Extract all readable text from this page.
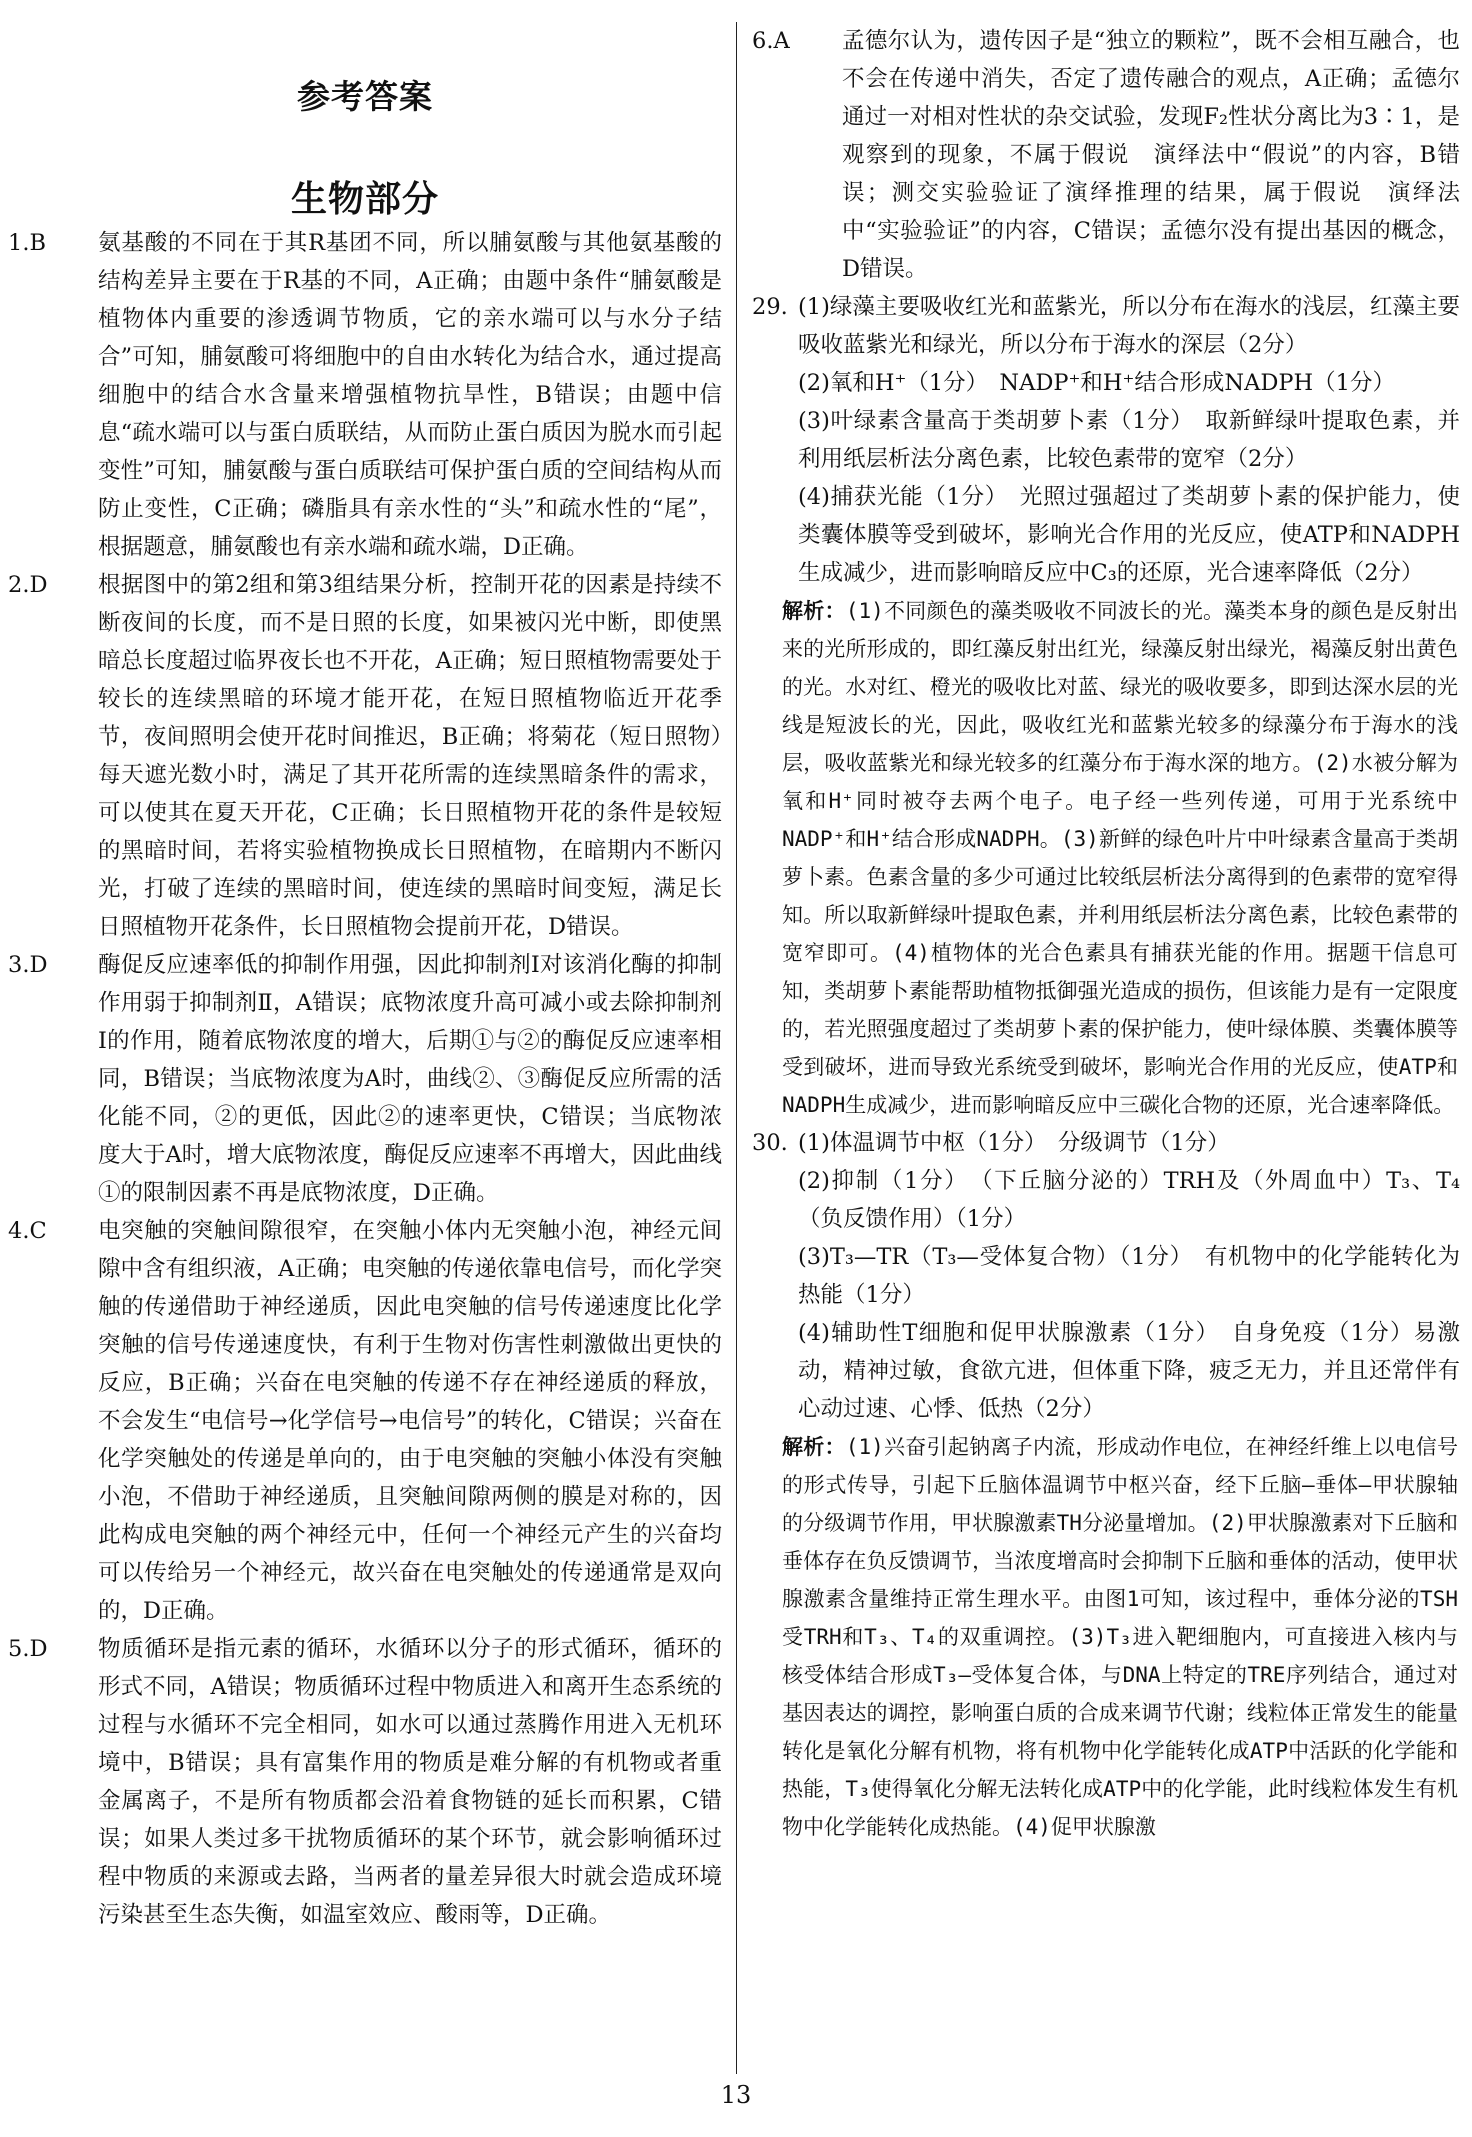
参考答案
生物部分
1.B	氨基酸的不同在于其R基团不同，所以脯氨酸与其他氨基酸的结构差异主要在于R基的不同，A正确；由题中条件“脯氨酸是植物体内重要的渗透调节物质，它的亲水端可以与水分子结合”可知，脯氨酸可将细胞中的自由水转化为结合水，通过提高细胞中的结合水含量来增强植物抗旱性，B错误；由题中信息“疏水端可以与蛋白质联结，从而防止蛋白质因为脱水而引起变性”可知，脯氨酸与蛋白质联结可保护蛋白质的空间结构从而防止变性，C正确；磷脂具有亲水性的“头”和疏水性的“尾”，根据题意，脯氨酸也有亲水端和疏水端，D正确。
2.D	根据图中的第2组和第3组结果分析，控制开花的因素是持续不断夜间的长度，而不是日照的长度，如果被闪光中断，即使黑暗总长度超过临界夜长也不开花，A正确；短日照植物需要处于较长的连续黑暗的环境才能开花，在短日照植物临近开花季节，夜间照明会使开花时间推迟，B正确；将菊花（短日照物）每天遮光数小时，满足了其开花所需的连续黑暗条件的需求，可以使其在夏天开花，C正确；长日照植物开花的条件是较短的黑暗时间，若将实验植物换成长日照植物，在暗期内不断闪光，打破了连续的黑暗时间，使连续的黑暗时间变短，满足长日照植物开花条件，长日照植物会提前开花，D错误。
3.D	酶促反应速率低的抑制作用强，因此抑制剂Ⅰ对该消化酶的抑制作用弱于抑制剂Ⅱ，A错误；底物浓度升高可减小或去除抑制剂Ⅰ的作用，随着底物浓度的增大，后期①与②的酶促反应速率相同，B错误；当底物浓度为A时，曲线②、③酶促反应所需的活化能不同，②的更低，因此②的速率更快，C错误；当底物浓度大于A时，增大底物浓度，酶促反应速率不再增大，因此曲线①的限制因素不再是底物浓度，D正确。
4.C	电突触的突触间隙很窄，在突触小体内无突触小泡，神经元间隙中含有组织液，A正确；电突触的传递依靠电信号，而化学突触的传递借助于神经递质，因此电突触的信号传递速度比化学突触的信号传递速度快，有利于生物对伤害性刺激做出更快的反应，B正确；兴奋在电突触的传递不存在神经递质的释放，不会发生“电信号→化学信号→电信号”的转化，C错误；兴奋在化学突触处的传递是单向的，由于电突触的突触小体没有突触小泡，不借助于神经递质，且突触间隙两侧的膜是对称的，因此构成电突触的两个神经元中，任何一个神经元产生的兴奋均可以传给另一个神经元，故兴奋在电突触处的传递通常是双向的，D正确。
5.D	物质循环是指元素的循环，水循环以分子的形式循环，循环的形式不同，A错误；物质循环过程中物质进入和离开生态系统的过程与水循环不完全相同，如水可以通过蒸腾作用进入无机环境中，B错误；具有富集作用的物质是难分解的有机物或者重金属离子，不是所有物质都会沿着食物链的延长而积累，C错误；如果人类过多干扰物质循环的某个环节，就会影响循环过程中物质的来源或去路，当两者的量差异很大时就会造成环境污染甚至生态失衡，如温室效应、酸雨等，D正确。
6.A	孟德尔认为，遗传因子是“独立的颗粒”，既不会相互融合，也不会在传递中消失，否定了遗传融合的观点，A正确；孟德尔通过一对相对性状的杂交试验，发现F₂性状分离比为3∶1，是观察到的现象，不属于假说　演绎法中“假说”的内容，B错误；测交实验验证了演绎推理的结果，属于假说　演绎法中“实验验证”的内容，C错误；孟德尔没有提出基因的概念，D错误。
29. (1)绿藻主要吸收红光和蓝紫光，所以分布在海水的浅层，红藻主要吸收蓝紫光和绿光，所以分布于海水的深层（2分）
(2)氧和H⁺（1分）　NADP⁺和H⁺结合形成NADPH（1分）
(3)叶绿素含量高于类胡萝卜素（1分）　取新鲜绿叶提取色素，并利用纸层析法分离色素，比较色素带的宽窄（2分）
(4)捕获光能（1分）　光照过强超过了类胡萝卜素的保护能力，使类囊体膜等受到破坏，影响光合作用的光反应，使ATP和NADPH生成减少，进而影响暗反应中C₃的还原，光合速率降低（2分）
解析：(1)不同颜色的藻类吸收不同波长的光。藻类本身的颜色是反射出来的光所形成的，即红藻反射出红光，绿藻反射出绿光，褐藻反射出黄色的光。水对红、橙光的吸收比对蓝、绿光的吸收要多，即到达深水层的光线是短波长的光，因此，吸收红光和蓝紫光较多的绿藻分布于海水的浅层，吸收蓝紫光和绿光较多的红藻分布于海水深的地方。(2)水被分解为氧和H⁺同时被夺去两个电子。电子经一些列传递，可用于光系统中NADP⁺和H⁺结合形成NADPH。(3)新鲜的绿色叶片中叶绿素含量高于类胡萝卜素。色素含量的多少可通过比较纸层析法分离得到的色素带的宽窄得知。所以取新鲜绿叶提取色素，并利用纸层析法分离色素，比较色素带的宽窄即可。(4)植物体的光合色素具有捕获光能的作用。据题干信息可知，类胡萝卜素能帮助植物抵御强光造成的损伤，但该能力是有一定限度的，若光照强度超过了类胡萝卜素的保护能力，使叶绿体膜、类囊体膜等受到破坏，进而导致光系统受到破坏，影响光合作用的光反应，使ATP和NADPH生成减少，进而影响暗反应中三碳化合物的还原，光合速率降低。
30. (1)体温调节中枢（1分）　分级调节（1分）
(2)抑制（1分）　（下丘脑分泌的）TRH及（外周血中）T₃、T₄（负反馈作用）（1分）
(3)T₃—TR（T₃—受体复合物）（1分）　有机物中的化学能转化为热能（1分）
(4)辅助性T细胞和促甲状腺激素（1分）　自身免疫（1分）易激动，精神过敏，食欲亢进，但体重下降，疲乏无力，并且还常伴有心动过速、心悸、低热（2分）
解析：(1)兴奋引起钠离子内流，形成动作电位，在神经纤维上以电信号的形式传导，引起下丘脑体温调节中枢兴奋，经下丘脑—垂体—甲状腺轴的分级调节作用，甲状腺激素TH分泌量增加。(2)甲状腺激素对下丘脑和垂体存在负反馈调节，当浓度增高时会抑制下丘脑和垂体的活动，使甲状腺激素含量维持正常生理水平。由图1可知，该过程中，垂体分泌的TSH受TRH和T₃、T₄的双重调控。(3)T₃进入靶细胞内，可直接进入核内与核受体结合形成T₃—受体复合体，与DNA上特定的TRE序列结合，通过对基因表达的调控，影响蛋白质的合成来调节代谢；线粒体正常发生的能量转化是氧化分解有机物，将有机物中化学能转化成ATP中活跃的化学能和热能，T₃使得氧化分解无法转化成ATP中的化学能，此时线粒体发生有机物中化学能转化成热能。(4)促甲状腺激
13
